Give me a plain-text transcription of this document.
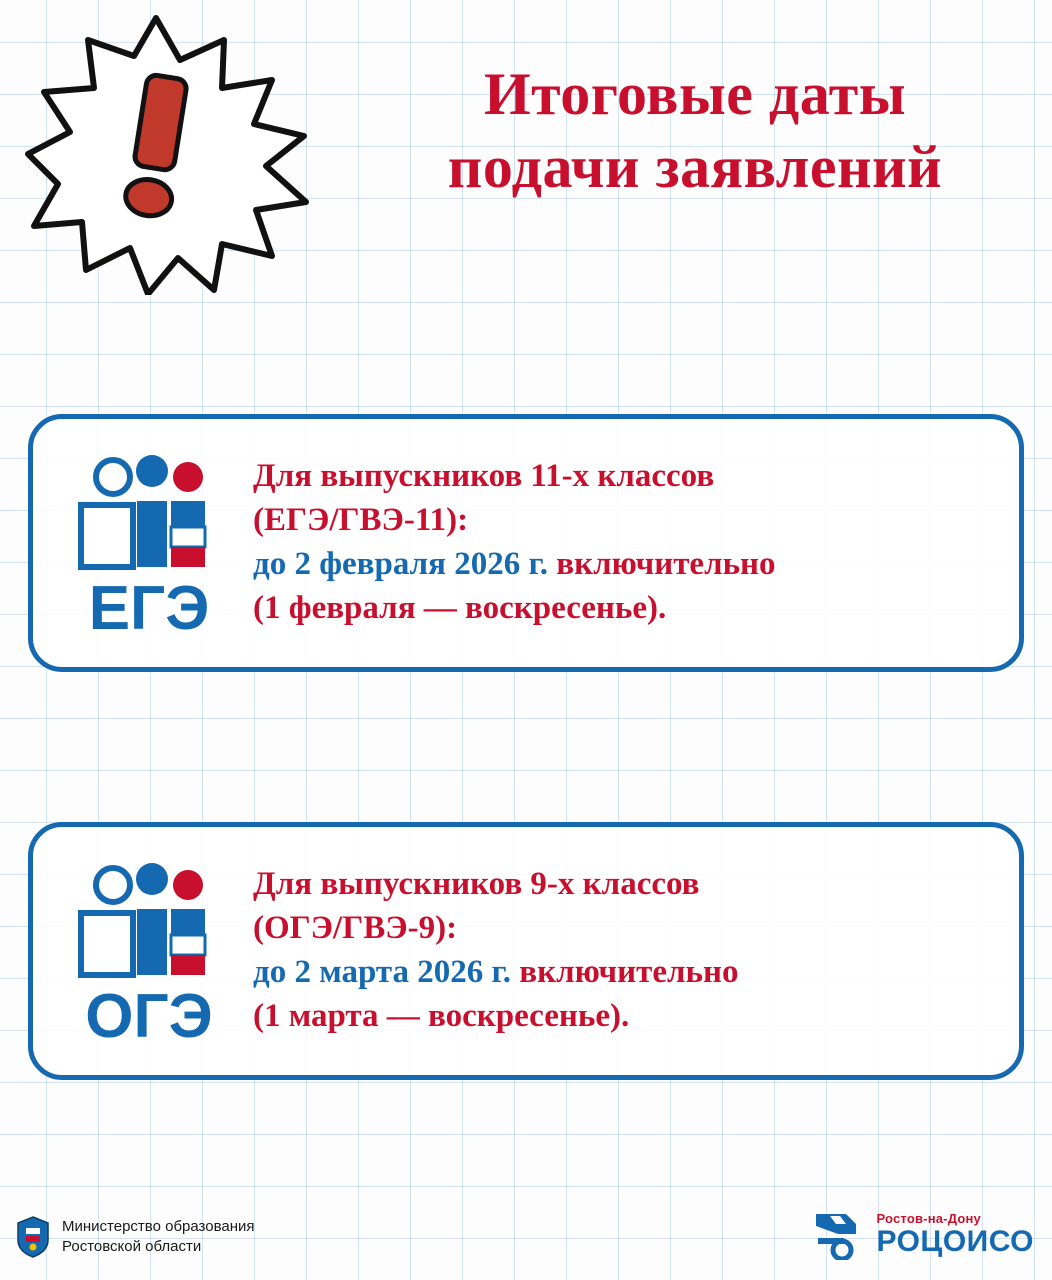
Итоговые даты
подачи заявлений
ЕГЭ
Для выпускников 11-х классов
(ЕГЭ/ГВЭ-11):
до 2 февраля 2026 г. включительно
(1 февраля — воскресенье).
ОГЭ
Для выпускников 9-х классов
(ОГЭ/ГВЭ-9):
до 2 марта 2026 г. включительно
(1 марта — воскресенье).
Министерство образования
Ростовской области
Ростов-на-Дону
РОЦОИСО
